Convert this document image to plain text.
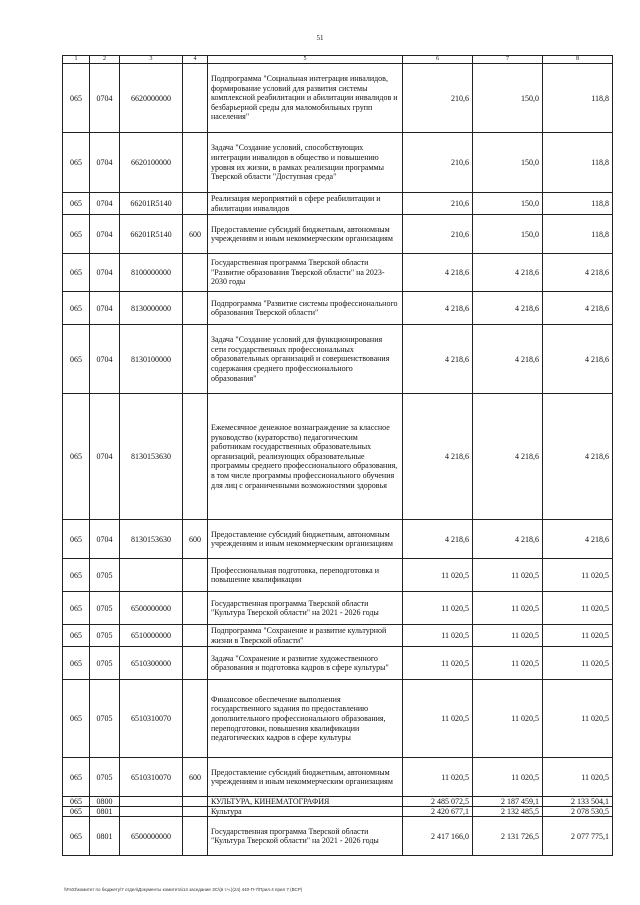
51
1	2	3	4	5	6	7	8
065	0704	6620000000		Подпрограмма "Социальная интеграция инвалидов, формирование условий для развития системы комплексной реабилитации и абилитации инвалидов и безбарьерной среды для маломобильных групп населения"	210,6	150,0	118,8
065	0704	6620100000		Задача "Создание условий, способствующих интеграции инвалидов в общество и повышению уровня их жизни, в рамках реализации программы Тверской области "Доступная среда"	210,6	150,0	118,8
065	0704	66201R5140		Реализация мероприятий в сфере реабилитации и абилитации инвалидов	210,6	150,0	118,8
065	0704	66201R5140	600	Предоставление субсидий бюджетным, автономным учреждениям и иным некоммерческим организациям	210,6	150,0	118,8
065	0704	8100000000		Государственная программа Тверской области "Развитие образования Тверской области" на 2023-2030 годы	4 218,6	4 218,6	4 218,6
065	0704	8130000000		Подпрограмма "Развитие системы профессионального образования Тверской области"	4 218,6	4 218,6	4 218,6
065	0704	8130100000		Задача "Создание условий для функционирования сети государственных профессиональных образовательных организаций и совершенствования содержания среднего профессионального образования"	4 218,6	4 218,6	4 218,6
065	0704	8130153630		Ежемесячное денежное вознаграждение за классное руководство (кураторство) педагогическим работникам государственных образовательных организаций, реализующих образовательные программы среднего профессионального образования, в том числе программы профессионального обучения для лиц с ограниченными возможностями здоровья	4 218,6	4 218,6	4 218,6
065	0704	8130153630	600	Предоставление субсидий бюджетным, автономным учреждениям и иным некоммерческим организациям	4 218,6	4 218,6	4 218,6
065	0705			Профессиональная подготовка, переподготовка и повышение квалификации	11 020,5	11 020,5	11 020,5
065	0705	6500000000		Государственная программа Тверской области "Культура Тверской области" на 2021 - 2026 годы	11 020,5	11 020,5	11 020,5
065	0705	6510000000		Подпрограмма "Сохранение и развитие культурной жизни в Тверской области"	11 020,5	11 020,5	11 020,5
065	0705	6510300000		Задача "Сохранение и развитие художественного образования и подготовка кадров в сфере культуры"	11 020,5	11 020,5	11 020,5
065	0705	6510310070		Финансовое обеспечение выполнения государственного задания по предоставлению дополнительного профессионального образования, переподготовки, повышения квалификации педагогических кадров в сфере культуры	11 020,5	11 020,5	11 020,5
065	0705	6510310070	600	Предоставление субсидий бюджетным, автономным учреждениям и иным некоммерческим организациям	11 020,5	11 020,5	11 020,5
065	0800			КУЛЬТУРА, КИНЕМАТОГРАФИЯ	2 485 072,5	2 187 459,1	2 133 504,1
065	0801			Культура	2 420 677,1	2 132 485,5	2 078 530,5
065	0801	6500000000		Государственная программа Тверской области "Культура Тверской области" на 2021 - 2026 годы	2 417 166,0	2 131 726,5	2 077 775,1
\\Fs03\комитет по бюджету\7 отдел\Документы комитета\14 заседание ЗС\(в т.ч.)(24) 440-П-7\Прил.4 прил 7 (ВСР)
